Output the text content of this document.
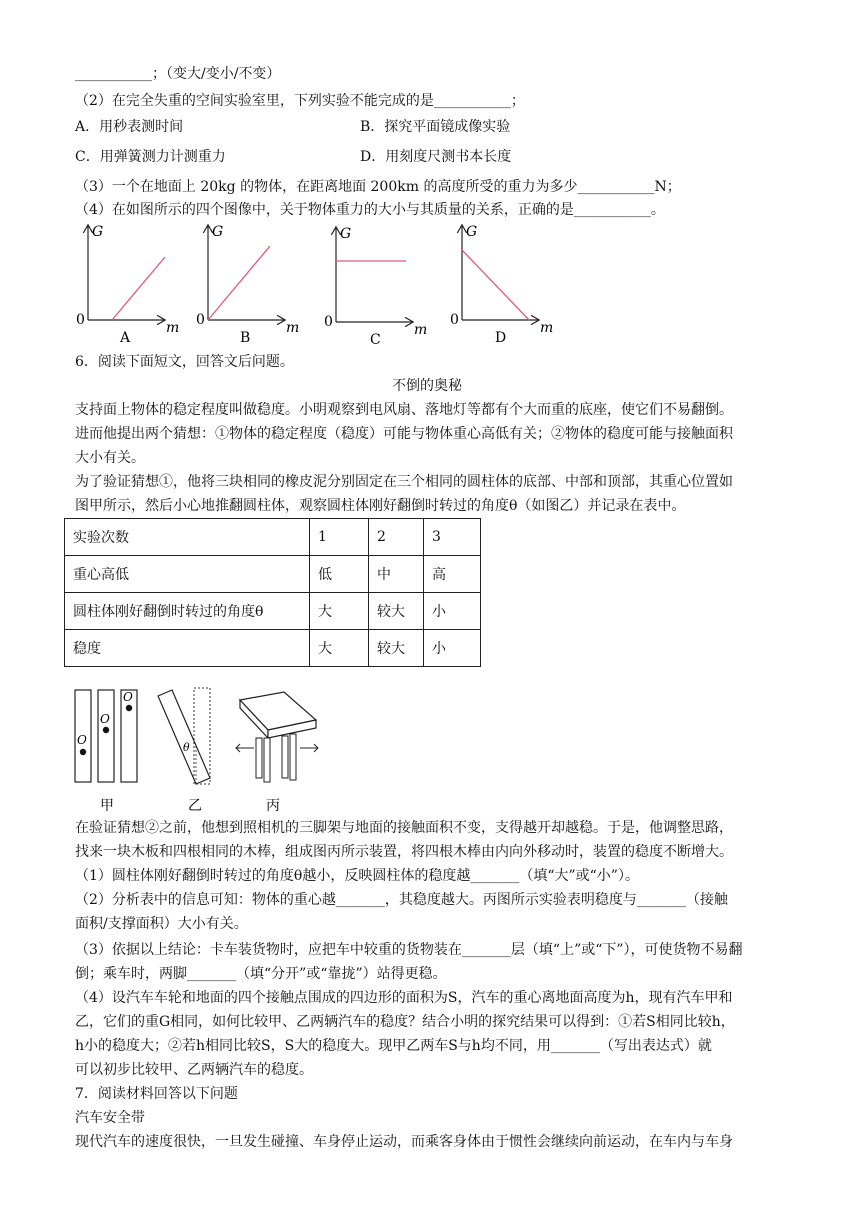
___________；（变大/变小/不变）
（2）在完全失重的空间实验室里，下列实验不能完成的是___________；
A．用秒表测时间	B．探究平面镜成像实验
C．用弹簧测力计测重力	D．用刻度尺测书本长度
（3）一个在地面上 20kg 的物体，在距离地面 200km 的高度所受的重力为多少___________N；
（4）在如图所示的四个图像中，关于物体重力的大小与其质量的关系，正确的是___________。
G
m
0
A
G
m
0
B
G
m
0
C
G
m
0
D
6．阅读下面短文，回答文后问题。
不倒的奥秘
支持面上物体的稳定程度叫做稳度。小明观察到电风扇、落地灯等都有个大而重的底座，使它们不易翻倒。
进而他提出两个猜想：①物体的稳定程度（稳度）可能与物体重心高低有关；②物体的稳度可能与接触面积
大小有关。
为了验证猜想①，他将三块相同的橡皮泥分别固定在三个相同的圆柱体的底部、中部和顶部，其重心位置如
图甲所示，然后小心地推翻圆柱体，观察圆柱体刚好翻倒时转过的角度θ（如图乙）并记录在表中。
实验次数	1	2	3
重心高低	低	中	高
圆柱体刚好翻倒时转过的角度θ	大	较大	小
稳度	大	较大	小
O
O
O
甲
θ
乙	丙
在验证猜想②之前，他想到照相机的三脚架与地面的接触面积不变，支得越开却越稳。于是，他调整思路，
找来一块木板和四根相同的木棒，组成图丙所示装置，将四根木棒由内向外移动时，装置的稳度不断增大。
（1）圆柱体刚好翻倒时转过的角度θ越小，反映圆柱体的稳度越_______（填“大”或“小”）。
（2）分析表中的信息可知：物体的重心越_______，其稳度越大。丙图所示实验表明稳度与_______（接触
面积/支撑面积）大小有关。
（3）依据以上结论：卡车装货物时，应把车中较重的货物装在_______层（填“上”或“下”），可使货物不易翻
倒；乘车时，两脚_______（填“分开”或“靠拢”）站得更稳。
（4）设汽车车轮和地面的四个接触点围成的四边形的面积为S，汽车的重心离地面高度为h，现有汽车甲和
乙，它们的重G相同，如何比较甲、乙两辆汽车的稳度？结合小明的探究结果可以得到：①若S相同比较h，
h小的稳度大；②若h相同比较S，S大的稳度大。现甲乙两车S与h均不同，用_______（写出表达式）就
可以初步比较甲、乙两辆汽车的稳度。
7．阅读材料回答以下问题
汽车安全带
现代汽车的速度很快，一旦发生碰撞、车身停止运动，而乘客身体由于惯性会继续向前运动，在车内与车身
